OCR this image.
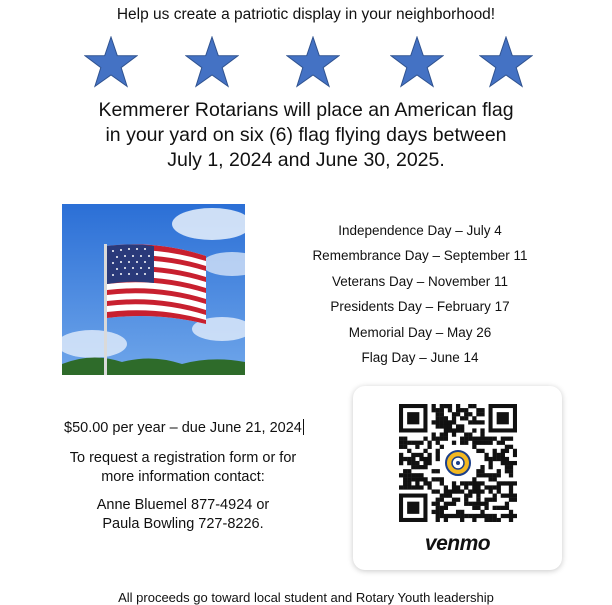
Help us create a patriotic display in your neighborhood!
Kemmerer Rotarians will place an American flag
in your yard on six (6) flag flying days between
July 1, 2024 and June 30, 2025.
Independence Day – July 4
Remembrance Day – September 11
Veterans Day – November 11
Presidents Day – February 17
Memorial Day – May 26
Flag Day – June 14
$50.00 per year – due June 21, 2024
To request a registration form or for
more information contact:
Anne Bluemel 877-4924 or
Paula Bowling 727-8226.
venmo
All proceeds go toward local student and Rotary Youth leadership
